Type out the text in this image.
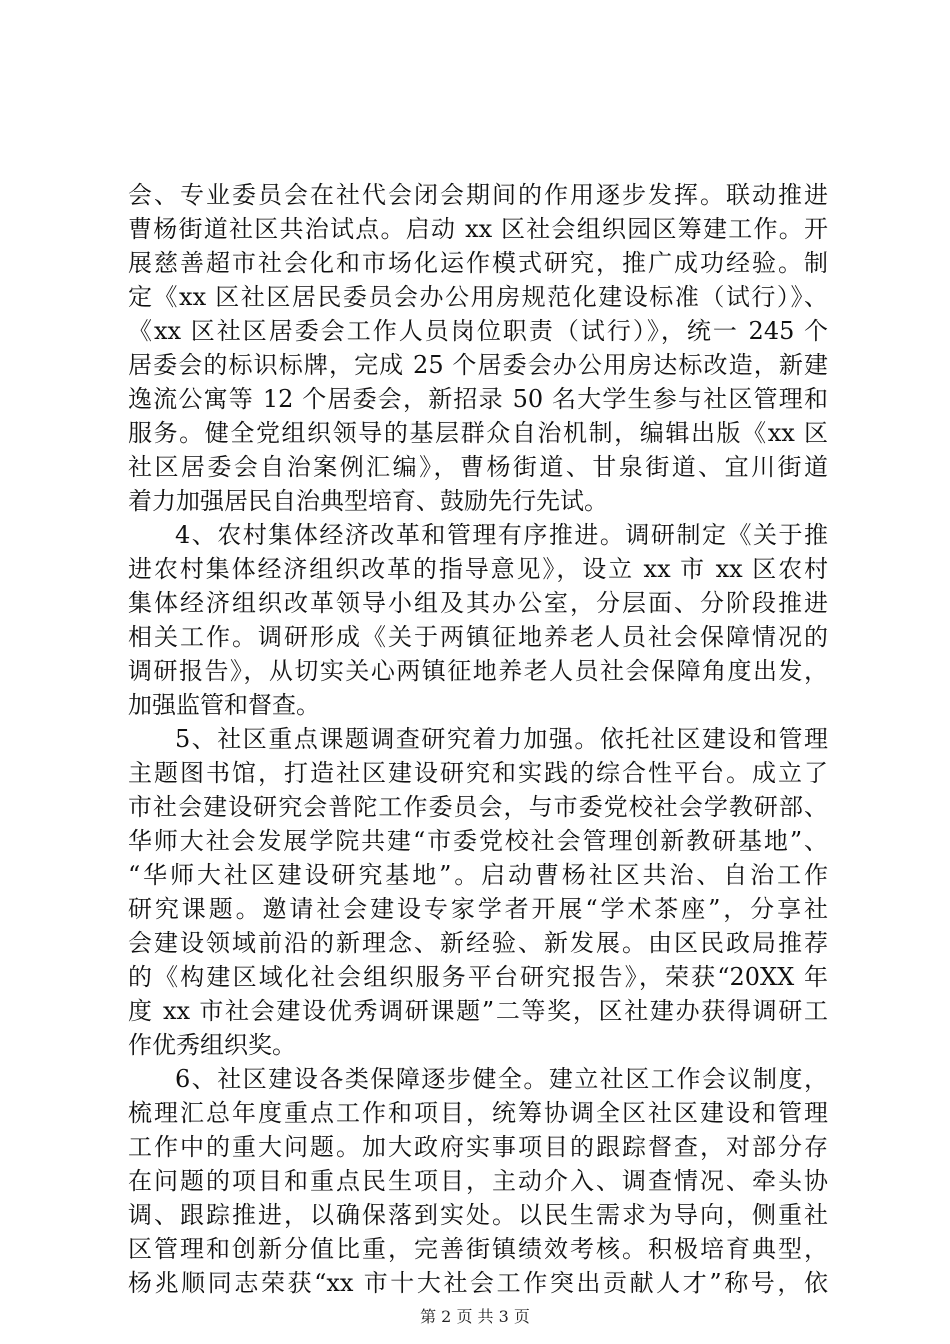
会、专业委员会在社代会闭会期间的作用逐步发挥。联动推进
曹杨街道社区共治试点。启动 xx 区社会组织园区筹建工作。开
展慈善超市社会化和市场化运作模式研究，推广成功经验。制
定《xx 区社区居民委员会办公用房规范化建设标准（试行）》、
《xx 区社区居委会工作人员岗位职责（试行）》，统一 245 个
居委会的标识标牌，完成 25 个居委会办公用房达标改造，新建
逸流公寓等 12 个居委会，新招录 50 名大学生参与社区管理和
服务。健全党组织领导的基层群众自治机制，编辑出版《xx 区
社区居委会自治案例汇编》，曹杨街道、甘泉街道、宜川街道
着力加强居民自治典型培育、鼓励先行先试。
4、农村集体经济改革和管理有序推进。调研制定《关于推
进农村集体经济组织改革的指导意见》，设立 xx 市 xx 区农村
集体经济组织改革领导小组及其办公室，分层面、分阶段推进
相关工作。调研形成《关于两镇征地养老人员社会保障情况的
调研报告》，从切实关心两镇征地养老人员社会保障角度出发，
加强监管和督查。
5、社区重点课题调查研究着力加强。依托社区建设和管理
主题图书馆，打造社区建设研究和实践的综合性平台。成立了
市社会建设研究会普陀工作委员会，与市委党校社会学教研部、
华师大社会发展学院共建“市委党校社会管理创新教研基地”、
“华师大社区建设研究基地”。启动曹杨社区共治、自治工作
研究课题。邀请社会建设专家学者开展“学术茶座”，分享社
会建设领域前沿的新理念、新经验、新发展。由区民政局推荐
的《构建区域化社会组织服务平台研究报告》，荣获“20XX 年
度 xx 市社会建设优秀调研课题”二等奖，区社建办获得调研工
作优秀组织奖。
6、社区建设各类保障逐步健全。建立社区工作会议制度，
梳理汇总年度重点工作和项目，统筹协调全区社区建设和管理
工作中的重大问题。加大政府实事项目的跟踪督查，对部分存
在问题的项目和重点民生项目，主动介入、调查情况、牵头协
调、跟踪推进，以确保落到实处。以民生需求为导向，侧重社
区管理和创新分值比重，完善街镇绩效考核。积极培育典型，
杨兆顺同志荣获“xx 市十大社会工作突出贡献人才”称号，依
第 2 页 共 3 页
